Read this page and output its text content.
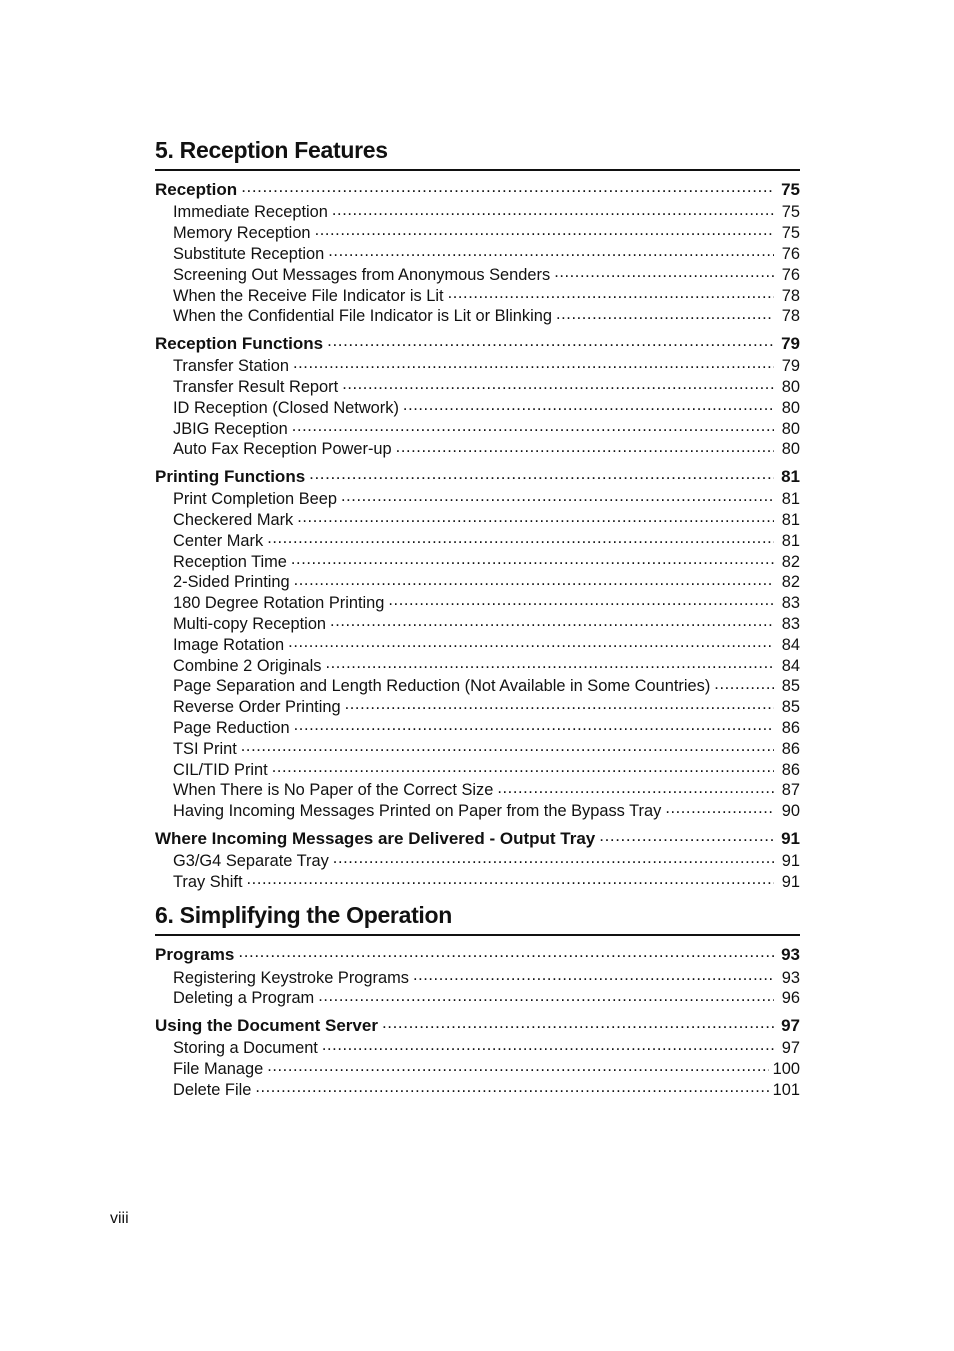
5. Reception Features
Reception .....	75
Immediate Reception .....	75
Memory Reception .....	75
Substitute Reception .....	76
Screening Out Messages from Anonymous Senders .....	76
When the Receive File Indicator is Lit .....	78
When the Confidential File Indicator is Lit or Blinking .....	78
Reception Functions .....	79
Transfer Station .....	79
Transfer Result Report .....	80
ID Reception (Closed Network) .....	80
JBIG Reception .....	80
Auto Fax Reception Power-up .....	80
Printing Functions .....	81
Print Completion Beep .....	81
Checkered Mark .....	81
Center Mark .....	81
Reception Time .....	82
2-Sided Printing .....	82
180 Degree Rotation Printing .....	83
Multi-copy Reception .....	83
Image Rotation .....	84
Combine 2 Originals .....	84
Page Separation and Length Reduction (Not Available in Some Countries) .....	85
Reverse Order Printing .....	85
Page Reduction .....	86
TSI Print .....	86
CIL/TID Print .....	86
When There is No Paper of the Correct Size .....	87
Having Incoming Messages Printed on Paper from the Bypass Tray .....	90
Where Incoming Messages are Delivered - Output Tray .....	91
G3/G4 Separate Tray .....	91
Tray Shift .....	91
6. Simplifying the Operation
Programs .....	93
Registering Keystroke Programs .....	93
Deleting a Program .....	96
Using the Document Server .....	97
Storing a Document .....	97
File Manage .....	100
Delete File .....	101
viii
